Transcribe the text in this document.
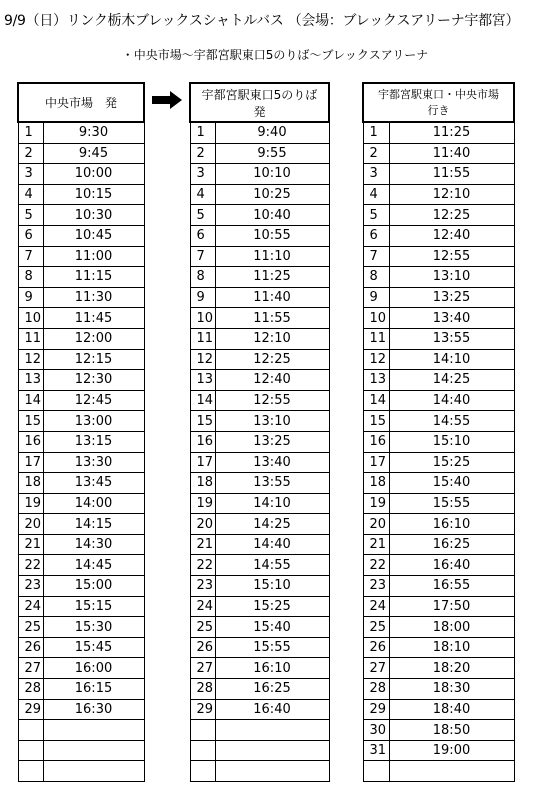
9/9（日）リンク栃木ブレックスシャトルバス （会場：ブレックスアリーナ宇都宮）
・中央市場～宇都宮駅東口5のりば～ブレックスアリーナ
中央市場　発	
1	9:30
2	9:45
3	10:00
4	10:15
5	10:30
6	10:45
7	11:00
8	11:15
9	11:30
10	11:45
11	12:00
12	12:15
13	12:30
14	12:45
15	13:00
16	13:15
17	13:30
18	13:45
19	14:00
20	14:15
21	14:30
22	14:45
23	15:00
24	15:15
25	15:30
26	15:45
27	16:00
28	16:15
29	16:30

宇都宮駅東口5のりば　発	
1	9:40
2	9:55
3	10:10
4	10:25
5	10:40
6	10:55
7	11:10
8	11:25
9	11:40
10	11:55
11	12:10
12	12:25
13	12:40
14	12:55
15	13:10
16	13:25
17	13:40
18	13:55
19	14:10
20	14:25
21	14:40
22	14:55
23	15:10
24	15:25
25	15:40
26	15:55
27	16:10
28	16:25
29	16:40

宇都宮駅東口・中央市場
行き	

1	11:25
2	11:40
3	11:55
4	12:10
5	12:25
6	12:40
7	12:55
8	13:10
9	13:25
10	13:40
11	13:55
12	14:10
13	14:25
14	14:40
15	14:55
16	15:10
17	15:25
18	15:40
19	15:55
20	16:10
21	16:25
22	16:40
23	16:55
24	17:50
25	18:00
26	18:10
27	18:20
28	18:30
29	18:40
30	18:50
31	19:00
